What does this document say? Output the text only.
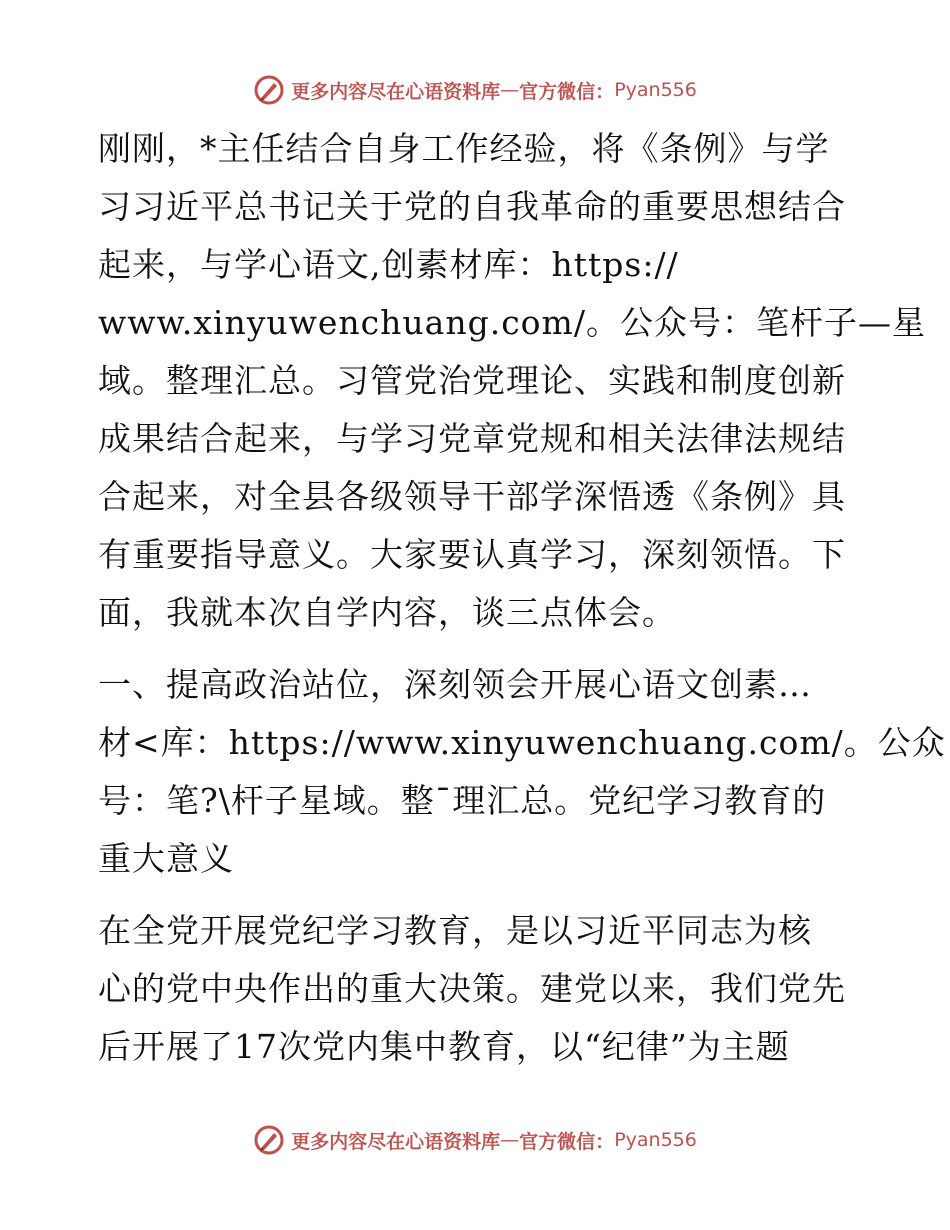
更多内容尽在心语资料库 — 官方微信： Pyan556
刚刚，*主任结合自身工作经验，将《条例》与学
习习近平总书记关于党的自我革命的重要思想结合
起来，与学心语文,创素材库：https://
www.xinyuwenchuang.com/。公众号：笔杆子—星
域。整理汇总。习管党治党理论、实践和制度创新
成果结合起来，与学习党章党规和相关法律法规结
合起来，对全县各级领导干部学深悟透《条例》具
有重要指导意义。大家要认真学习，深刻领悟。下
面，我就本次自学内容，谈三点体会。
一、提高政治站位，深刻领会开展心语文创素…
材<库：https://www.xinyuwenchuang.com/。公众
号：笔?\杆子星域。整¯理汇总。党纪学习教育的
重大意义
在全党开展党纪学习教育，是以习近平同志为核
心的党中央作出的重大决策。建党以来，我们党先
后开展了17次党内集中教育，以“纪律”为主题
更多内容尽在心语资料库 — 官方微信： Pyan556
